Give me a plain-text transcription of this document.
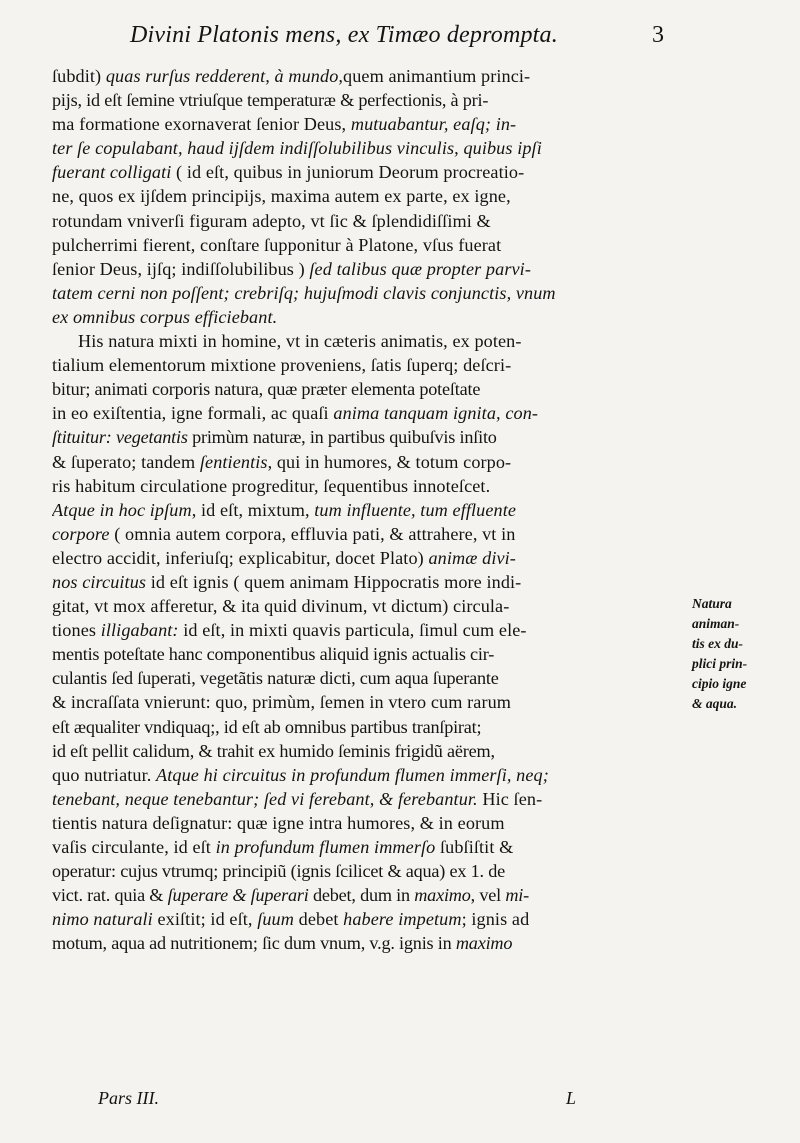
Divini Platonis mens, ex Timæo deprompta.	3
ſubdit) quas rurſus redderent, à mundo,quem animantium princi-
pijs, id eſt ſemine vtriuſque temperaturæ & perfectionis, à pri-
ma formatione exornaverat ſenior Deus, mutuabantur, eaſq; in-
ter ſe copulabant, haud ijſdem indiſſolubilibus vinculis, quibus ipſi
fuerant colligati ( id eſt, quibus in juniorum Deorum procreatio-
ne, quos ex ijſdem principijs, maxima autem ex parte, ex igne,
rotundam vniverſi figuram adepto, vt ſic & ſplendidiſſimi &
pulcherrimi fierent, conſtare ſupponitur à Platone, vſus fuerat
ſenior Deus, ijſq; indiſſolubilibus ) ſed talibus quæ propter parvi-
tatem cerni non poſſent; crebriſq; hujuſmodi clavis conjunctis, vnum
ex omnibus corpus efficiebant.
His natura mixti in homine, vt in cæteris animatis, ex poten-
tialium elementorum mixtione proveniens, ſatis ſuperq; deſcri-
bitur; animati corporis natura, quæ præter elementa poteſtate
in eo exiſtentia, igne formali, ac quaſi anima tanquam ignita, con-
ſtituitur: vegetantis primùm naturæ, in partibus quibuſvis inſito
& ſuperato; tandem ſentientis, qui in humores, & totum corpo-
ris habitum circulatione progreditur, ſequentibus innoteſcet.
Atque in hoc ipſum, id eſt, mixtum, tum influente, tum effluente
corpore ( omnia autem corpora, effluvia pati, & attrahere, vt in
electro accidit, inferiuſq; explicabitur, docet Plato) animæ divi-
nos circuitus id eſt ignis ( quem animam Hippocratis more indi-
gitat, vt mox afferetur, & ita quid divinum, vt dictum) circula-
tiones illigabant: id eſt, in mixti quavis particula, ſimul cum ele-
mentis poteſtate hanc componentibus aliquid ignis actualis cir-
culantis ſed ſuperati, vegetãtis naturæ dicti, cum aqua ſuperante
& incraſſata vnierunt: quo, primùm, ſemen in vtero cum rarum
eſt æqualiter vndiquaq;, id eſt ab omnibus partibus tranſpirat;
id eſt pellit calidum, & trahit ex humido ſeminis frigidũ aërem,
quo nutriatur. Atque hi circuitus in profundum flumen immerſi, neq;
tenebant, neque tenebantur; ſed vi ferebant, & ferebantur. Hic ſen-
tientis natura deſignatur: quæ igne intra humores, & in eorum
vaſis circulante, id eſt in profundum flumen immerſo ſubſiſtit &
operatur: cujus vtrumq; principiũ (ignis ſcilicet & aqua) ex 1. de
vict. rat. quia & ſuperare & ſuperari debet, dum in maximo, vel mi-
nimo naturali exiſtit; id eſt, ſuum debet habere impetum; ignis ad
motum, aqua ad nutritionem; ſic dum vnum, v.g. ignis in maximo
Natura
animan-
tis ex du-
plici prin-
cipio igne
& aqua.
Pars III.	L
